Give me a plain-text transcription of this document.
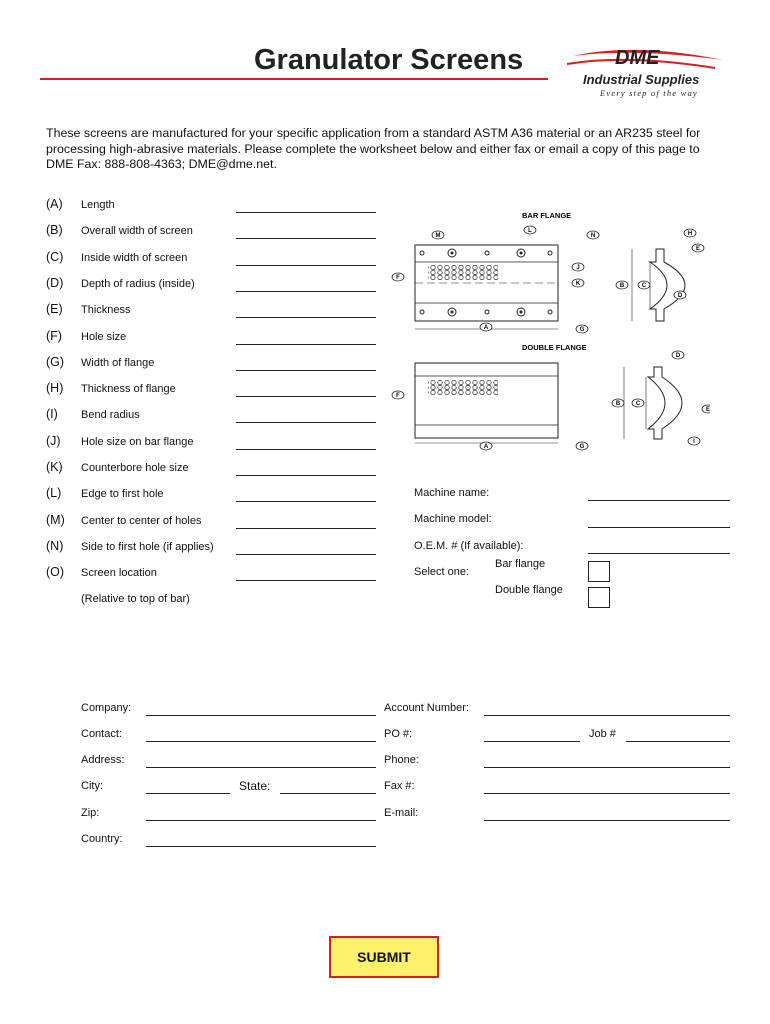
Granulator Screens	DME
Industrial Supplies
Every step of the way
These screens are manufactured for your specific application from a standard ASTM A36 material or an AR235 steel for processing high-abrasive materials. Please complete the worksheet below and either fax or email a copy of this page to DME Fax: 888-808-4363; DME@dme.net.
(A) Length
(B) Overall width of screen
(C) Inside width of screen
(D) Depth of radius (inside)
(E) Thickness
(F) Hole size
(G) Width of flange
(H) Thickness of flange
(I) Bend radius
(J) Hole size on bar flange
(K) Counterbore hole size
(L) Edge to first hole
(M) Center to center of holes
(N) Side to first hole (if applies)
(O) Screen location
(Relative to top of bar)
BAR FLANGE
DOUBLE FLANGE
A
A
B
B
C
C
D
D
E
E
F
F
G
G
H
I
J
K
L
M	N
Machine name:
Machine model:
O.E.M. # (If available):
Select one:
Bar flange
Double flange
Company:
Contact:
Address:
City:	State:
Zip:
Country:
Account Number:
PO #:	Job #
Phone:
Fax #:
E-mail:
SUBMIT
